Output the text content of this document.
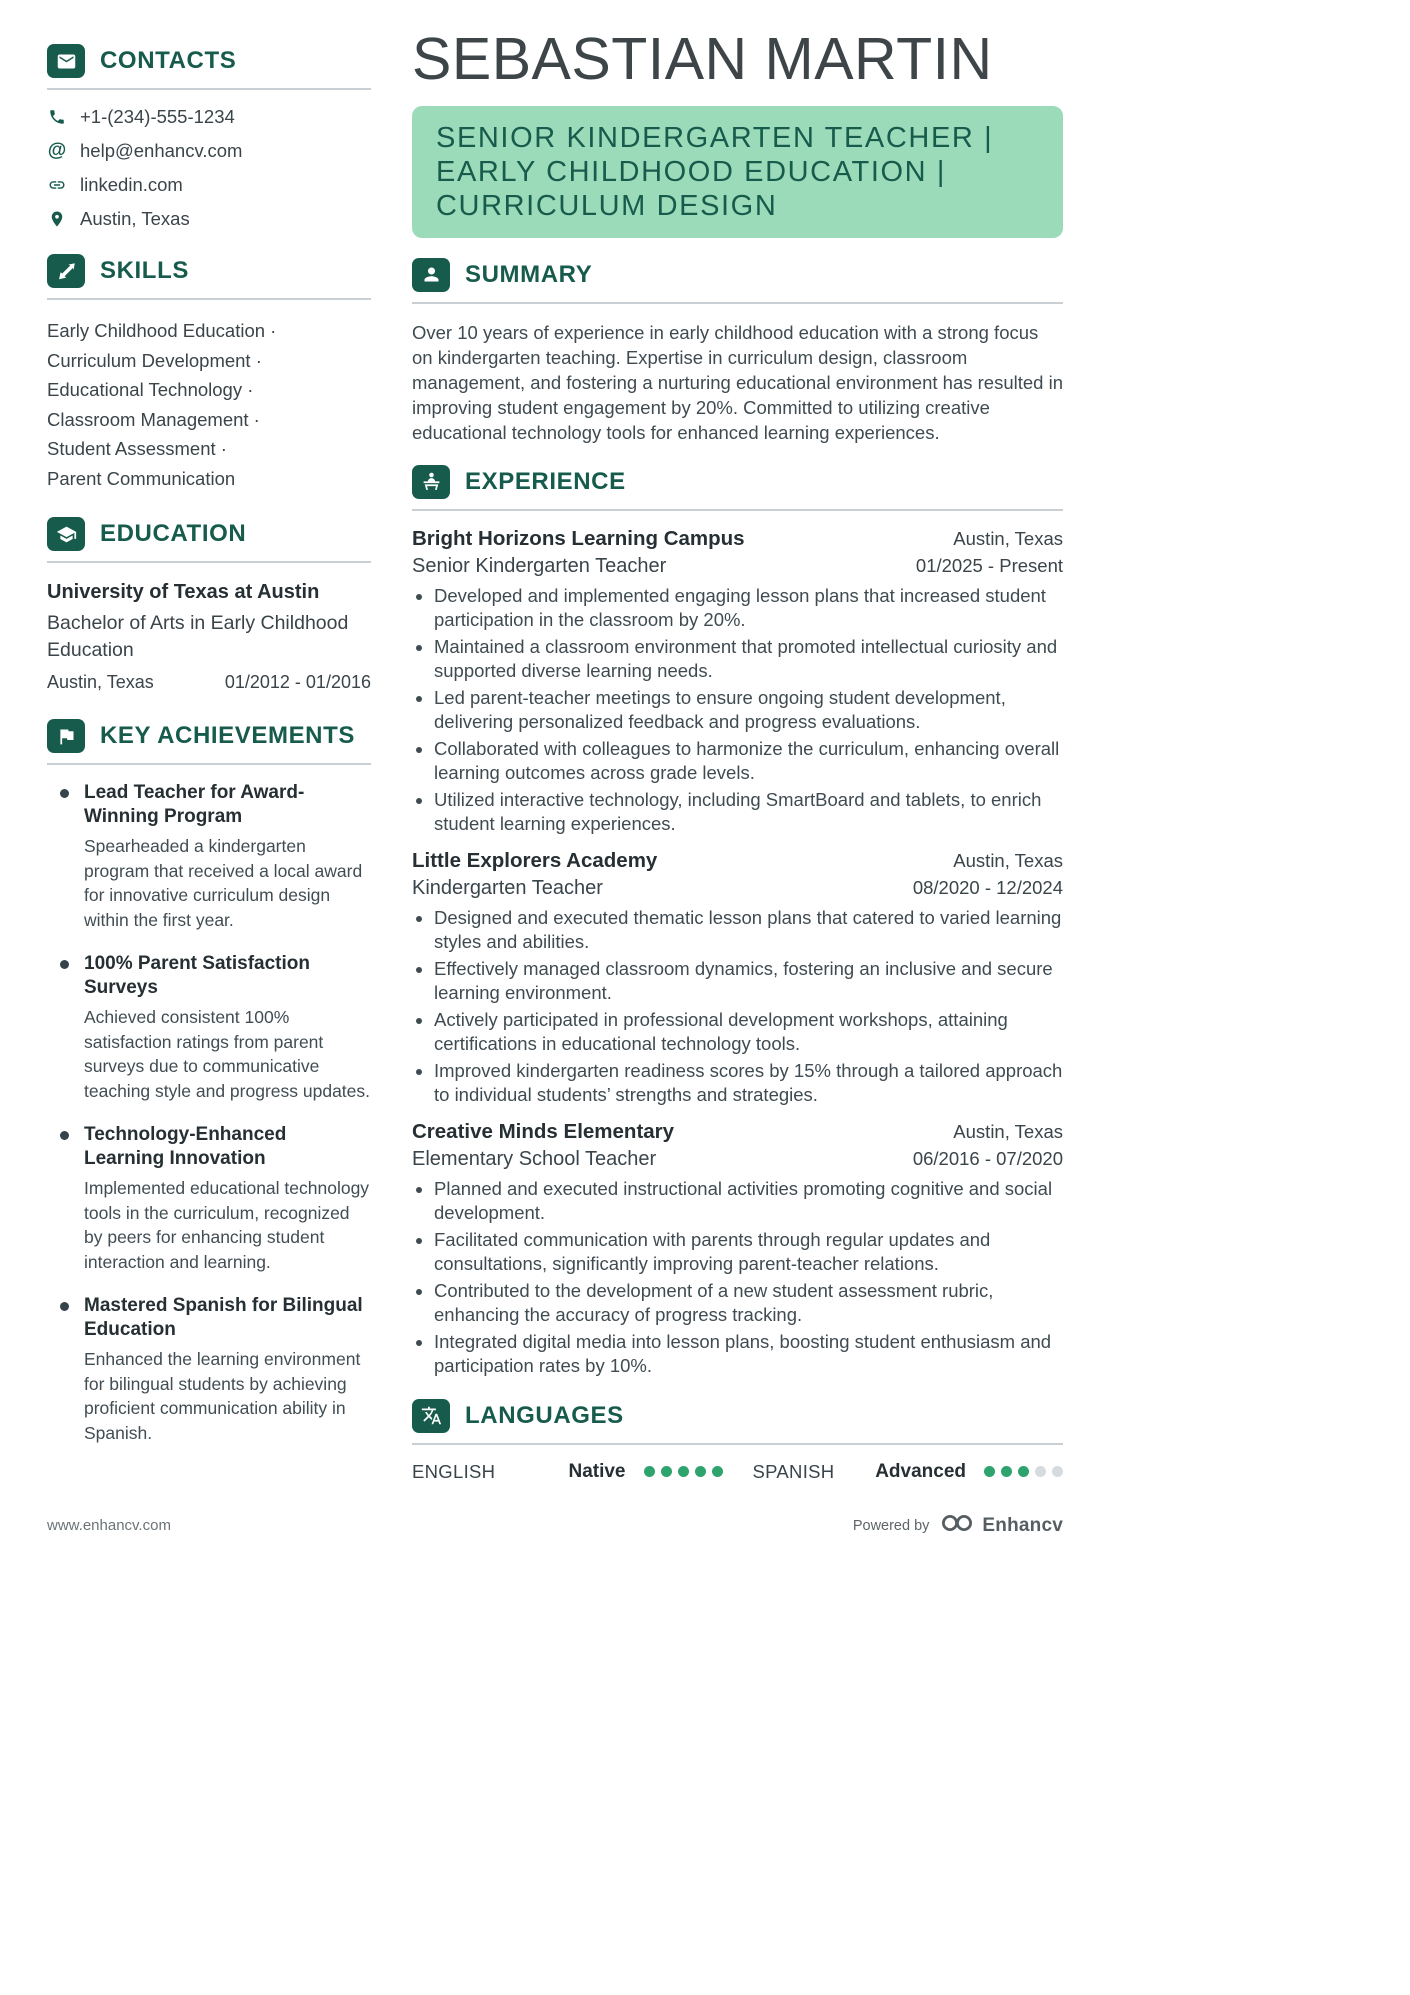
CONTACTS
+1-(234)-555-1234
@ help@enhancv.com
linkedin.com
Austin, Texas
SKILLS
Early Childhood Education ·
Curriculum Development ·
Educational Technology ·
Classroom Management ·
Student Assessment ·
Parent Communication
EDUCATION
University of Texas at Austin
Bachelor of Arts in Early Childhood Education
Austin, Texas	01/2012 - 01/2016
KEY ACHIEVEMENTS
Lead Teacher for Award-Winning Program
Spearheaded a kindergarten program that received a local award for innovative curriculum design within the first year.
100% Parent Satisfaction Surveys
Achieved consistent 100% satisfaction ratings from parent surveys due to communicative teaching style and progress updates.
Technology-Enhanced Learning Innovation
Implemented educational technology tools in the curriculum, recognized by peers for enhancing student interaction and learning.
Mastered Spanish for Bilingual Education
Enhanced the learning environment for bilingual students by achieving proficient communication ability in Spanish.
SEBASTIAN MARTIN
SENIOR KINDERGARTEN TEACHER | EARLY CHILDHOOD EDUCATION | CURRICULUM DESIGN
SUMMARY
Over 10 years of experience in early childhood education with a strong focus on kindergarten teaching. Expertise in curriculum design, classroom management, and fostering a nurturing educational environment has resulted in improving student engagement by 20%. Committed to utilizing creative educational technology tools for enhanced learning experiences.
EXPERIENCE
Bright Horizons Learning Campus	Austin, Texas
Senior Kindergarten Teacher	01/2025 - Present
• Developed and implemented engaging lesson plans that increased student participation in the classroom by 20%.
• Maintained a classroom environment that promoted intellectual curiosity and supported diverse learning needs.
• Led parent-teacher meetings to ensure ongoing student development, delivering personalized feedback and progress evaluations.
• Collaborated with colleagues to harmonize the curriculum, enhancing overall learning outcomes across grade levels.
• Utilized interactive technology, including SmartBoard and tablets, to enrich student learning experiences.
Little Explorers Academy	Austin, Texas
Kindergarten Teacher	08/2020 - 12/2024
• Designed and executed thematic lesson plans that catered to varied learning styles and abilities.
• Effectively managed classroom dynamics, fostering an inclusive and secure learning environment.
• Actively participated in professional development workshops, attaining certifications in educational technology tools.
• Improved kindergarten readiness scores by 15% through a tailored approach to individual students’ strengths and strategies.
Creative Minds Elementary	Austin, Texas
Elementary School Teacher	06/2016 - 07/2020
• Planned and executed instructional activities promoting cognitive and social development.
• Facilitated communication with parents through regular updates and consultations, significantly improving parent-teacher relations.
• Contributed to the development of a new student assessment rubric, enhancing the accuracy of progress tracking.
• Integrated digital media into lesson plans, boosting student enthusiasm and participation rates by 10%.
LANGUAGES
ENGLISH	Native	SPANISH Advanced
www.enhancv.com	Powered by	Enhancv
